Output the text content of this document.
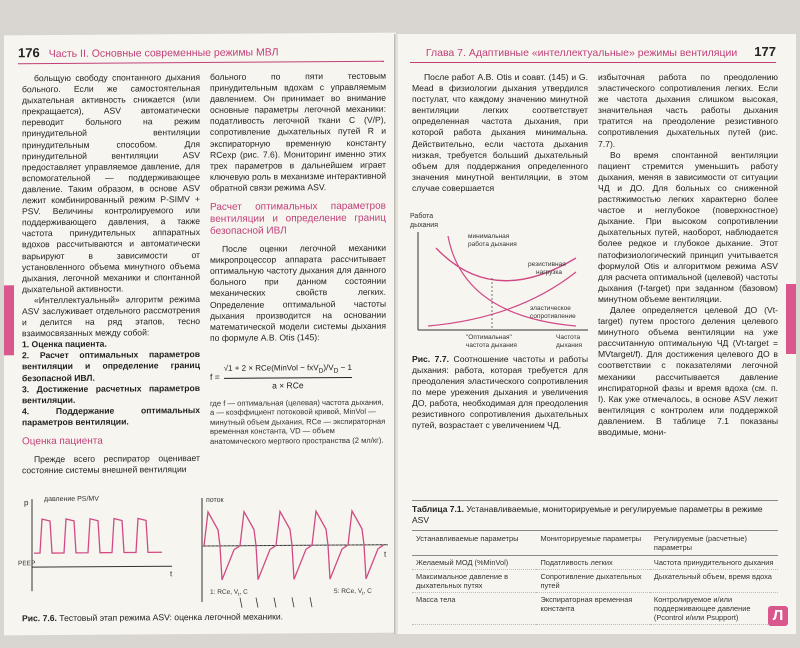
176 Часть II. Основные современные режимы МВЛ

больщую свободу спонтанного дыхания больного. Если же самостоятельная дыхательная активность снижается (или прекращается), ASV автоматически переводит больного на режим принудительной вентиляции принудительным способом. Для принудительной вентиляции ASV предоставляет управляемое давление, для вспомогательной — поддерживающее давление. Таким образом, в основе ASV лежит комбинированный режим P-SIMV + PSV. Величины контролируемого или поддерживающего давления, а также частота принудительных аппаратных вдохов рассчитываются и автоматически варьируют в зависимости от установленного объема минутного объема дыхания, легочной механики и спонтанной дыхательной активности.

«Интеллектуальный» алгоритм режима ASV заслуживает отдельного рассмотрения и делится на ряд этапов, тесно взаимосвязанных между собой:

1. Оценка пациента.

2. Расчет оптимальных параметров вентиляции и определение границ безопасной ИВЛ.

3. Достижение расчетных параметров вентиляции.

4. Поддержание оптимальных параметров вентиляции.

Оценка пациента

Прежде всего респиратор оценивает состояние системы внешней вентиляции

больного по пяти тестовым принудительным вдохам с управляемым давлением. Он принимает во внимание основные параметры легочной механики: податливость легочной ткани C (V/P), сопротивление дыхательных путей R и экспираторную временную константу RCexp (рис. 7.6). Мониторинг именно этих трех параметров в дальнейшем играет ключевую роль в механизме интерактивной обратной связи режима ASV.

Расчет оптимальных параметров вентиляции и определение границ безопасной ИВЛ

После оценки легочной механики микропроцессор аппарата рассчитывает оптимальную частоту дыхания для данного больного при данном состоянии механических свойств легких. Определение оптимальной частоты дыхания производится на основании математической модели системы дыхания по формуле A.B. Otis (145):

f =
√1 + 2 × RCe(MinVol − $fxV_D)/V_D - 1$
a × RCe
где f — оптимальная (целевая) частота дыхания, a — коэффициент потоковой кривой, MinVol — минутный объем дыхания, RCe — экспираторная временная константа, VD — объем анатомического мертвого пространства (2 мл/кг).
p давление PS/MV
PEEP
t
поток
t
1: RCe, $V_t$, C	5: RCe, $V_t$, C
Рис. 7.6. Тестовый этап режима ASV: оценка легочной механики.
Глава 7. Адаптивные «интеллектуальные» режимы вентиляции 177

После работ A.B. Otis и соавт. (145) и G. Mead в физиологии дыхания утвердился постулат, что каждому значению минутной вентиляции легких соответствует определенная частота дыхания, при которой работа дыхания минимальна. Действительно, если частота дыхания низкая, требуется больший дыхательный объем для поддержания определенного значения минутной вентиляции, в этом случае совершается

Работа
дыхания
минимальная
работа дыхания
резистивная
нагрузка
эластическое
сопротивление
"Оптимальная"
частота дыхания
Частота
дыхания
Рис. 7.7. Соотношение частоты и работы дыхания: работа, которая требуется для преодоления эластического сопротивления по мере урежения дыхания и увеличения ДО, работа, необходимая для преодоления резистивного сопротивления дыхательных путей, возрастает с увеличением ЧД.

избыточная работа по преодолению эластического сопротивления легких. Если же частота дыхания слишком высокая, значительная часть работы дыхания тратится на преодоление резистивного сопротивления дыхательных путей (рис. 7.7).

Во время спонтанной вентиляции пациент стремится уменьшить работу дыхания, меняя в зависимости от ситуации ЧД и ДО. Для больных со сниженной растяжимостью легких характерно более частое и неглубокое (поверхностное) дыхание. При высоком сопротивлении дыхательных путей, наоборот, наблюдается более редкое и глубокое дыхание. Этот патофизиологический принцип учитывается формулой Otis и алгоритмом режима ASV для расчета оптимальной (целевой) частоты дыхания (f-target) при заданном (базовом) минутном объеме вентиляции.

Далее определяется целевой ДО (Vt-target) путем простого деления целевого минутного объема вентиляции на уже рассчитанную оптимальную ЧД (Vt-target = MVtarget/f). Для достижения целевого ДО в соответствии с показателями легочной механики рассчитывается давление инспираторной фазы и время вдоха (см. п. I). Как уже отмечалось, в основе ASV лежит вентиляция с контролем или поддержкой давлением. В таблице 7.1 показаны вводимые, мони-

Таблица 7.1. Устанавливаемые, мониторируемые и регулируемые параметры в режиме ASV
Устанавливаемые параметры	Мониторируемые параметры	Регулируемые (расчетные) параметры
Желаемый МОД (%MinVol)	Податливость легких	Частота принудительного дыхания
Максимальное давление в дыхательных путях	Сопротивление дыхательных путей	Дыхательный объем, время вдоха
Масса тела	Экспираторная временная константа	Контролируемое и/или поддерживающее давление (Pcontrol и/или Psupport)	Л
